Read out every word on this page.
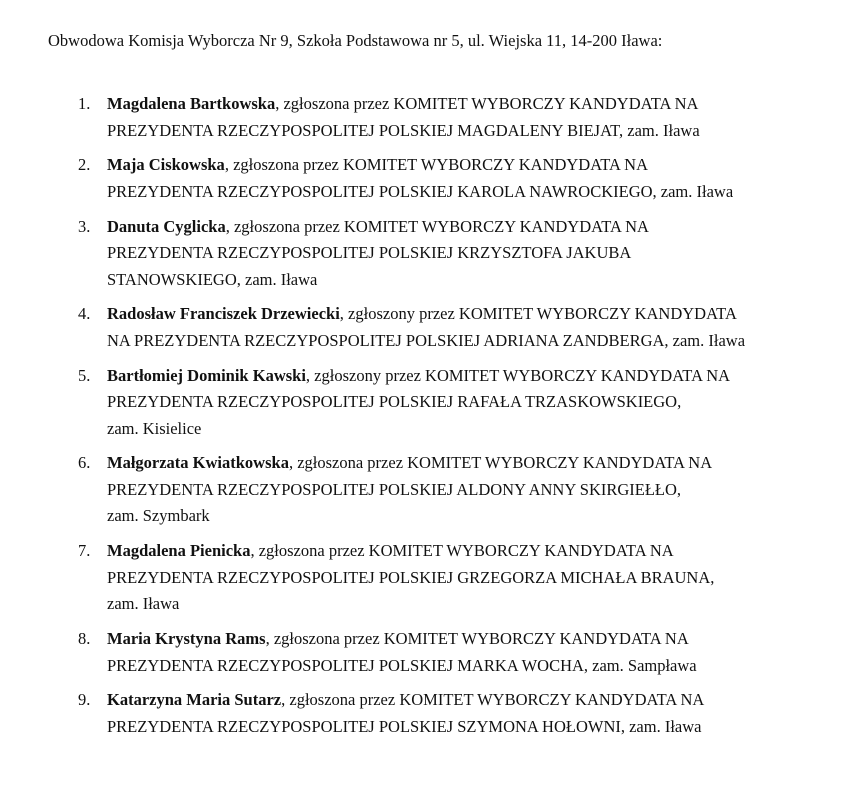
Obwodowa Komisja Wyborcza Nr 9, Szkoła Podstawowa nr 5, ul. Wiejska 11, 14-200 Iława:
1.	Magdalena Bartkowska, zgłoszona przez KOMITET WYBORCZY KANDYDATA NA
PREZYDENTA RZECZYPOSPOLITEJ POLSKIEJ MAGDALENY BIEJAT, zam. Iława
2.	Maja Ciskowska, zgłoszona przez KOMITET WYBORCZY KANDYDATA NA
PREZYDENTA RZECZYPOSPOLITEJ POLSKIEJ KAROLA NAWROCKIEGO, zam. Iława
3.	Danuta Cyglicka, zgłoszona przez KOMITET WYBORCZY KANDYDATA NA
PREZYDENTA RZECZYPOSPOLITEJ POLSKIEJ KRZYSZTOFA JAKUBA
STANOWSKIEGO, zam. Iława
4.	Radosław Franciszek Drzewiecki, zgłoszony przez KOMITET WYBORCZY KANDYDATA
NA PREZYDENTA RZECZYPOSPOLITEJ POLSKIEJ ADRIANA ZANDBERGA, zam. Iława
5.	Bartłomiej Dominik Kawski, zgłoszony przez KOMITET WYBORCZY KANDYDATA NA
PREZYDENTA RZECZYPOSPOLITEJ POLSKIEJ RAFAŁA TRZASKOWSKIEGO,
zam. Kisielice
6.	Małgorzata Kwiatkowska, zgłoszona przez KOMITET WYBORCZY KANDYDATA NA
PREZYDENTA RZECZYPOSPOLITEJ POLSKIEJ ALDONY ANNY SKIRGIEŁŁO,
zam. Szymbark
7.	Magdalena Pienicka, zgłoszona przez KOMITET WYBORCZY KANDYDATA NA
PREZYDENTA RZECZYPOSPOLITEJ POLSKIEJ GRZEGORZA MICHAŁA BRAUNA,
zam. Iława
8.	Maria Krystyna Rams, zgłoszona przez KOMITET WYBORCZY KANDYDATA NA
PREZYDENTA RZECZYPOSPOLITEJ POLSKIEJ MARKA WOCHA, zam. Sampława
9.	Katarzyna Maria Sutarz, zgłoszona przez KOMITET WYBORCZY KANDYDATA NA
PREZYDENTA RZECZYPOSPOLITEJ POLSKIEJ SZYMONA HOŁOWNI, zam. Iława
